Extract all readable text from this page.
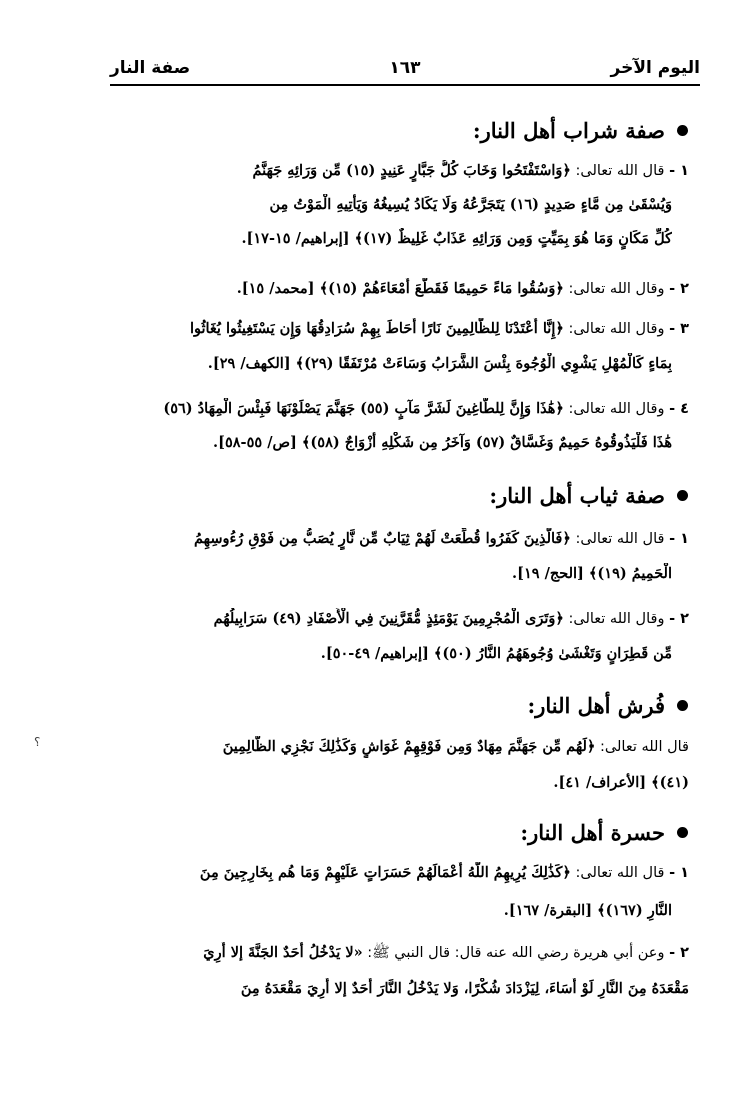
اليوم الآخر
١٦٣
صفة النار
صفة شراب أهل النار:
١ - قال الله تعالى: ﴿وَاسْتَفْتَحُوا وَخَابَ كُلُّ جَبَّارٍ عَنِيدٍ (١٥) مِّن وَرَائِهِ جَهَنَّمُ
وَيُسْقَىٰ مِن مَّاءٍ صَدِيدٍ (١٦) يَتَجَرَّعُهُ وَلَا يَكَادُ يُسِيغُهُ وَيَأْتِيهِ الْمَوْتُ مِن
كُلِّ مَكَانٍ وَمَا هُوَ بِمَيِّتٍ وَمِن وَرَائِهِ عَذَابٌ غَلِيظٌ (١٧)﴾ [إبراهيم/ ١٥-١٧].
٢ - وقال الله تعالى: ﴿وَسُقُوا مَاءً حَمِيمًا فَقَطَّعَ أَمْعَاءَهُمْ (١٥)﴾ [محمد/ ١٥].
٣ - وقال الله تعالى: ﴿إِنَّا أَعْتَدْنَا لِلظَّالِمِينَ نَارًا أَحَاطَ بِهِمْ سُرَادِقُهَا وَإِن يَسْتَغِيثُوا يُغَاثُوا
بِمَاءٍ كَالْمُهْلِ يَشْوِي الْوُجُوهَ بِئْسَ الشَّرَابُ وَسَاءَتْ مُرْتَفَقًا (٢٩)﴾ [الكهف/ ٢٩].
٤ - وقال الله تعالى: ﴿هَٰذَا وَإِنَّ لِلطَّاغِينَ لَشَرَّ مَآبٍ (٥٥) جَهَنَّمَ يَصْلَوْنَهَا فَبِئْسَ الْمِهَادُ (٥٦)
هَٰذَا فَلْيَذُوقُوهُ حَمِيمٌ وَغَسَّاقٌ (٥٧) وَآخَرُ مِن شَكْلِهِ أَزْوَاجٌ (٥٨)﴾ [ص/ ٥٥-٥٨].
صفة ثياب أهل النار:
١ - قال الله تعالى: ﴿فَالَّذِينَ كَفَرُوا قُطِّعَتْ لَهُمْ ثِيَابٌ مِّن نَّارٍ يُصَبُّ مِن فَوْقِ رُءُوسِهِمُ
الْحَمِيمُ (١٩)﴾ [الحج/ ١٩].
٢ - وقال الله تعالى: ﴿وَتَرَى الْمُجْرِمِينَ يَوْمَئِذٍ مُّقَرَّنِينَ فِي الْأَصْفَادِ (٤٩) سَرَابِيلُهُم
مِّن قَطِرَانٍ وَتَغْشَىٰ وُجُوهَهُمُ النَّارُ (٥٠)﴾ [إبراهيم/ ٤٩-٥٠].
فُرش أهل النار:
قال الله تعالى: ﴿لَهُم مِّن جَهَنَّمَ مِهَادٌ وَمِن فَوْقِهِمْ غَوَاشٍ وَكَذَٰلِكَ نَجْزِي الظَّالِمِينَ
(٤١)﴾ [الأعراف/ ٤١].
حسرة أهل النار:
١ - قال الله تعالى: ﴿كَذَٰلِكَ يُرِيهِمُ اللَّهُ أَعْمَالَهُمْ حَسَرَاتٍ عَلَيْهِمْ وَمَا هُم بِخَارِجِينَ مِنَ
النَّارِ (١٦٧)﴾ [البقرة/ ١٦٧].
٢ - وعن أبي هريرة رضي الله عنه قال: قال النبي ﷺ: «لا يَدْخُلُ أَحَدٌ الجَنَّةَ إلا أُرِيَ
مَقْعَدَهُ مِنَ النَّارِ لَوْ أَسَاءَ، لِيَزْدَادَ شُكْرًا، وَلا يَدْخُلُ النَّارَ أَحَدٌ إلا أُرِيَ مَقْعَدَهُ مِنَ
؟
